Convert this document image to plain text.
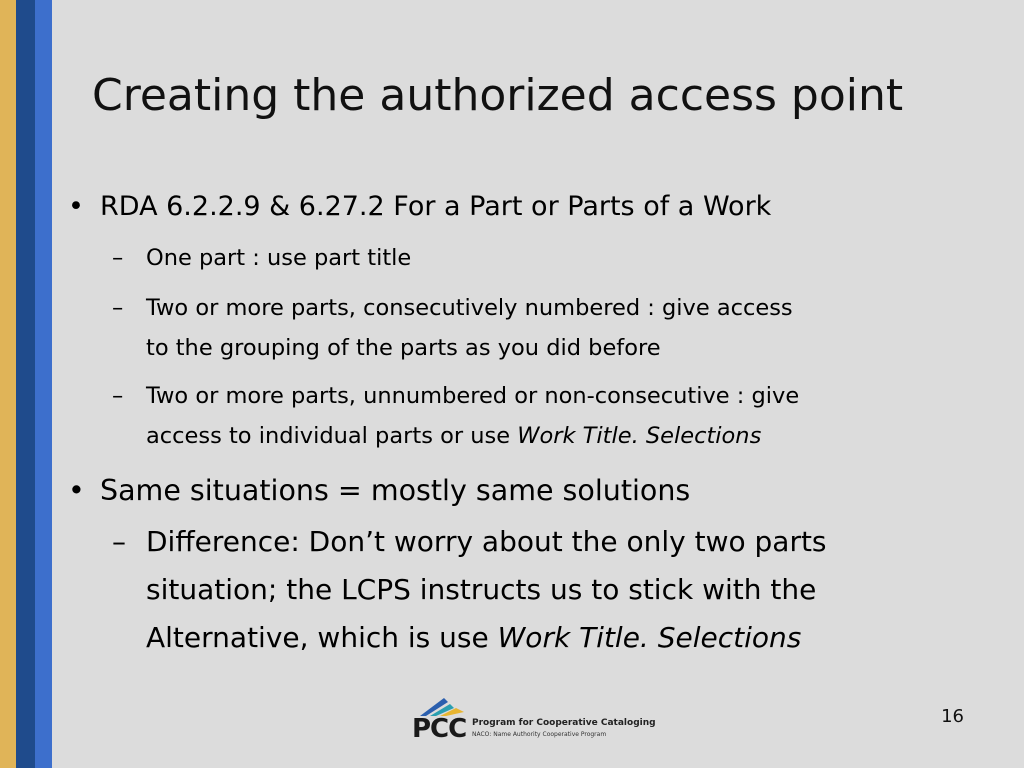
Creating the authorized access point
• RDA 6.2.2.9 & 6.27.2 For a Part or Parts of a Work
– One part : use part title
– Two or more parts, consecutively numbered : give access
to the grouping of the parts as you did before
– Two or more parts, unnumbered or non-consecutive : give
access to individual parts or use Work Title. Selections
• Same situations = mostly same solutions
– Difference: Don’t worry about the only two parts
situation; the LCPS instructs us to stick with the
Alternative, which is use Work Title. Selections
PCC Program for Cooperative Cataloging
NACO: Name Authority Cooperative Program
16
